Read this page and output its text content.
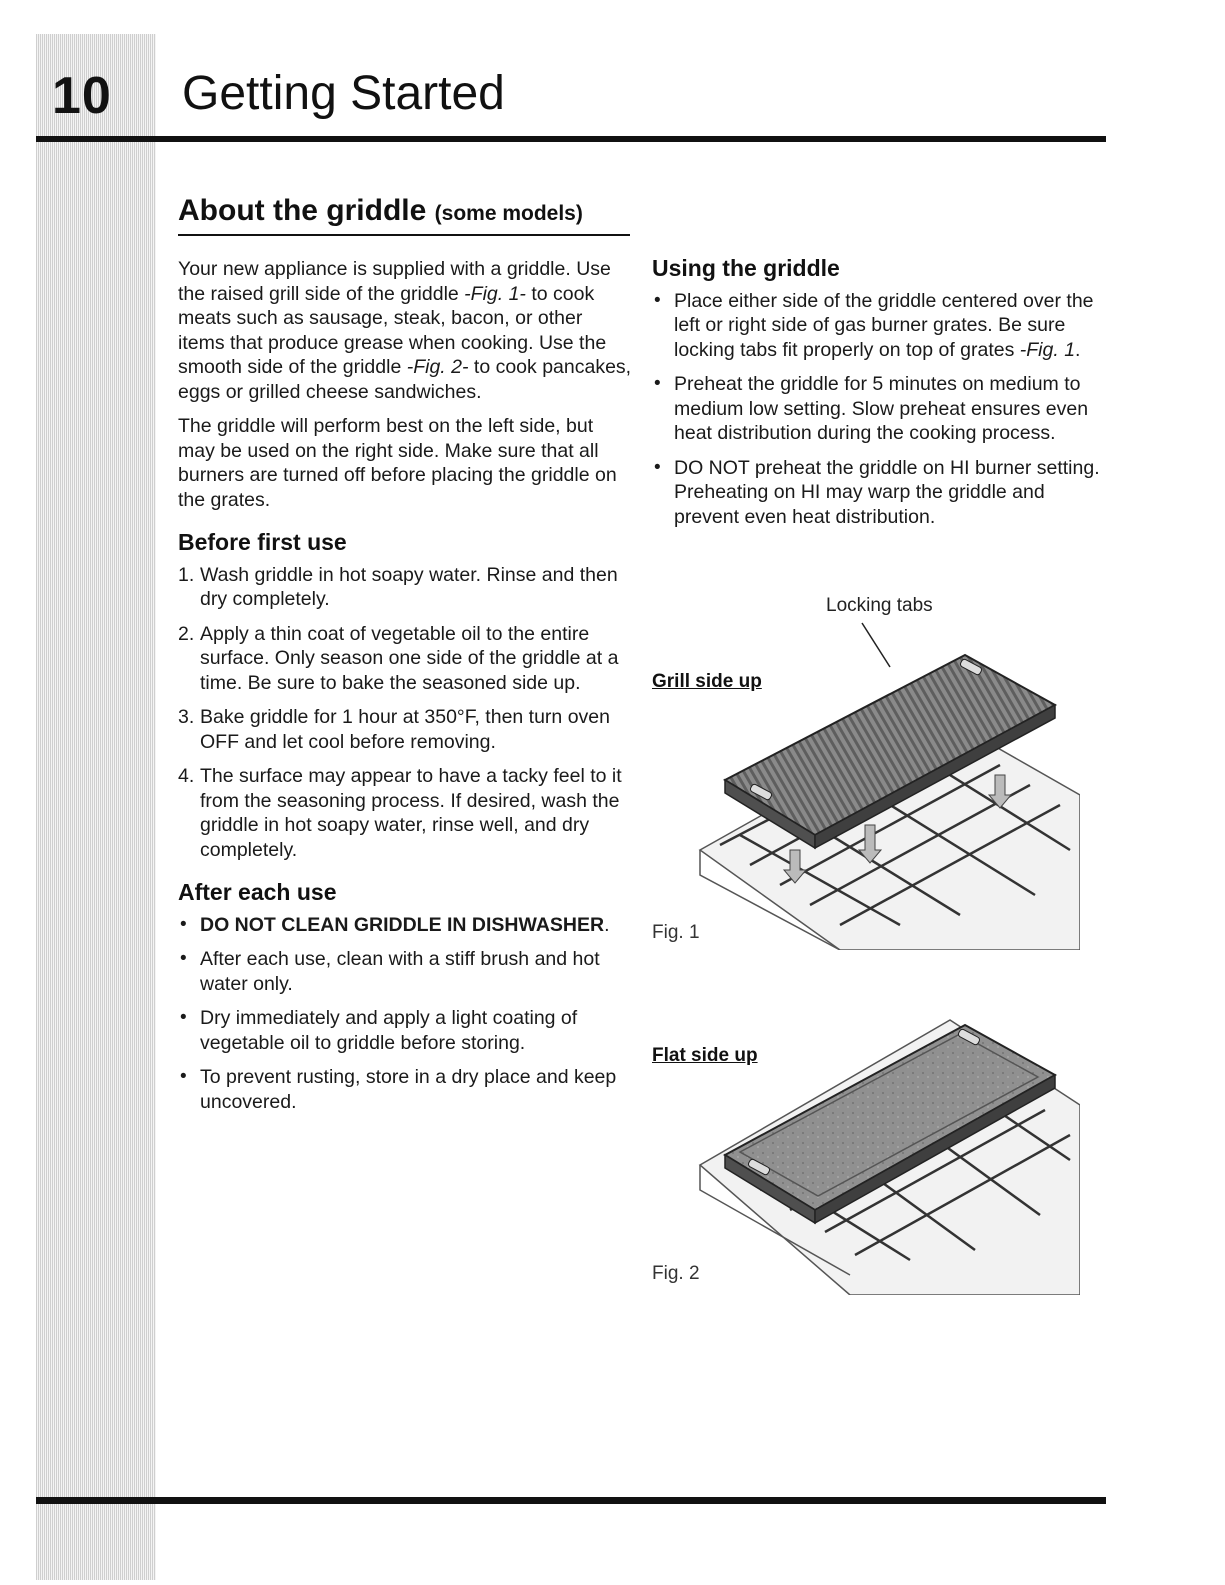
10 Getting Started
About the griddle (some models)

Your new appliance is supplied with a griddle. Use the raised grill side of the griddle -Fig. 1- to cook meats such as sausage, steak, bacon, or other items that produce grease when cooking. Use the smooth side of the griddle -Fig. 2- to cook pancakes, eggs or grilled cheese sandwiches.

The griddle will perform best on the left side, but may be used on the right side. Make sure that all burners are turned off before placing the griddle on the grates.

Before first use
1. Wash griddle in hot soapy water. Rinse and then dry completely.
2. Apply a thin coat of vegetable oil to the entire surface. Only season one side of the griddle at a time. Be sure to bake the seasoned side up.
3. Bake griddle for 1 hour at 350°F, then turn oven OFF and let cool before removing.
4. The surface may appear to have a tacky feel to it from the seasoning process. If desired, wash the griddle in hot soapy water, rinse well, and dry completely.
After each use
• DO NOT CLEAN GRIDDLE IN DISHWASHER.
• After each use, clean with a stiff brush and hot water only.
• Dry immediately and apply a light coating of vegetable oil to griddle before storing.
• To prevent rusting, store in a dry place and keep uncovered.
Using the griddle
• Place either side of the griddle centered over the left or right side of gas burner grates. Be sure locking tabs fit properly on top of grates -Fig. 1.
• Preheat the griddle for 5 minutes on medium to medium low setting. Slow preheat ensures even heat distribution during the cooking process.
• DO NOT preheat the griddle on HI burner setting. Preheating on HI may warp the griddle and prevent even heat distribution.
Locking tabs
Grill side up
Fig. 1
Flat side up
Fig. 2
